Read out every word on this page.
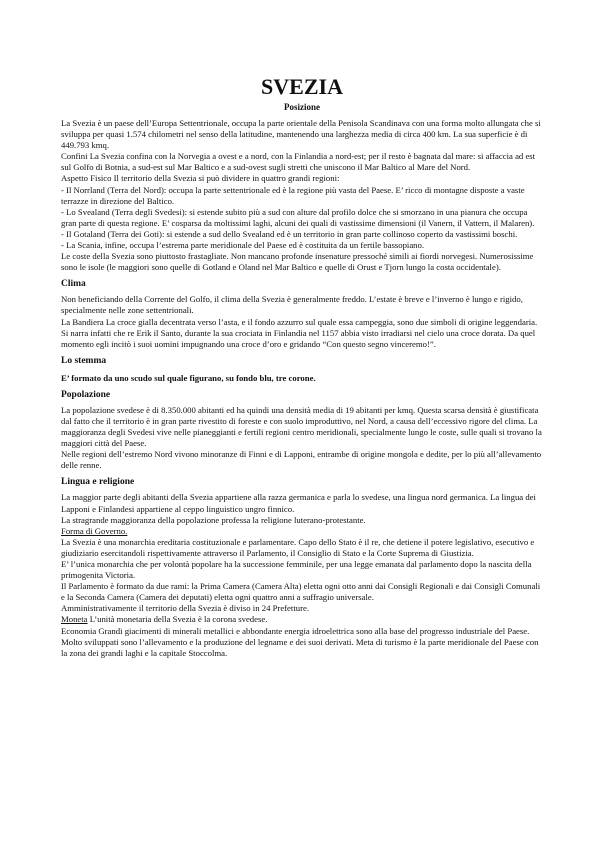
SVEZIA
Posizione

La Svezia è un paese dell’Europa Settentrionale, occupa la parte orientale della Penisola Scandinava con una forma molto allungata che si sviluppa per quasi 1.574 chilometri nel senso della latitudine, mantenendo una larghezza media di circa 400 km. La sua superficie è di 449.793 kmq.

Confini La Svezia confina con la Norvegia a ovest e a nord, con la Finlandia a nord-est; per il resto è bagnata dal mare: si affaccia ad est sul Golfo di Botnia, a sud-est sul Mar Baltico e a sud-ovest sugli stretti che uniscono il Mar Baltico al Mare del Nord.

Aspetto Fisico Il territorio della Svezia si può dividere in quattro grandi regioni:

- Il Norrland (Terra del Nord): occupa la parte settentrionale ed è la regione più vasta del Paese. E’ ricco di montagne disposte a vaste terrazze in direzione del Baltico.

- Lo Svealand (Terra degli Svedesi): si estende subito più a sud con alture dal profilo dolce che si smorzano in una pianura che occupa gran parte di questa regione. E’ cosparsa da moltissimi laghi, alcuni dei quali di vastissime dimensioni (il Vanern, il Vattern, il Malaren).

- Il Gotaland (Terra dei Goti): si estende a sud dello Svealand ed è un territorio in gran parte collinoso coperto da vastissimi boschi.

- La Scania, infine, occupa l’estrema parte meridionale del Paese ed è costituita da un fertile bassopiano.

Le coste della Svezia sono piuttosto frastagliate. Non mancano profonde insenature pressoché simili ai fiordi norvegesi. Numerosissime sono le isole (le maggiori sono quelle di Gotland e Oland nel Mar Baltico e quelle di Orust e Tjorn lungo la costa occidentale).

Clima

Non beneficiando della Corrente del Golfo, il clima della Svezia è generalmente freddo. L’estate è breve e l’inverno è lungo e rigido, specialmente nelle zone settentrionali.

La Bandiera La croce gialla decentrata verso l’asta, e il fondo azzurro sul quale essa campeggia, sono due simboli di origine leggendaria. Si narra infatti che re Erik il Santo, durante la sua crociata in Finlandia nel 1157 abbia visto irradiarsi nel cielo una croce dorata. Da quel momento egli incitò i suoi uomini impugnando una croce d’oro e gridando “Con questo segno vinceremo!”.

Lo stemma

E’ formato da uno scudo sul quale figurano, su fondo blu, tre corone.

Popolazione

La popolazione svedese è di 8.350.000 abitanti ed ha quindi una densità media di 19 abitanti per kmq. Questa scarsa densità è giustificata dal fatto che il territorio è in gran parte rivestito di foreste e con suolo improduttivo, nel Nord, a causa dell’eccessivo rigore del clima. La maggioranza degli Svedesi vive nelle pianeggianti e fertili regioni centro meridionali, specialmente lungo le coste, sulle quali si trovano la maggiori città del Paese.

Nelle regioni dell’estremo Nord vivono minoranze di Finni e di Lapponi, entrambe di origine mongola e dedite, per lo più all’allevamento delle renne.

Lingua e religione

La maggior parte degli abitanti della Svezia appartiene alla razza germanica e parla lo svedese, una lingua nord germanica. La lingua dei Lapponi e Finlandesi appartiene al ceppo linguistico ungro finnico.

La stragrande maggioranza della popolazione professa la religione luterano-protestante.

Forma di Governo.

La Svezia è una monarchia ereditaria costituzionale e parlamentare. Capo dello Stato è il re, che detiene il potere legislativo, esecutivo e giudiziario esercitandoli rispettivamente attraverso il Parlamento, il Consiglio di Stato e la Corte Suprema di Giustizia.

E’ l’unica monarchia che per volontà popolare ha la successione femminile, per una legge emanata dal parlamento dopo la nascita della primogenita Victoria.

Il Parlamento è formato da due rami: la Prima Camera (Camera Alta) eletta ogni otto anni dai Consigli Regionali e dai Consigli Comunali e la Seconda Camera (Camera dei deputati) eletta ogni quattro anni a suffragio universale.

Amministrativamente il territorio della Svezia è diviso in 24 Prefetture.

Moneta L’unità monetaria della Svezia è la corona svedese.

Economia Grandi giacimenti di minerali metallici e abbondante energia idroelettrica sono alla base del progresso industriale del Paese. Molto sviluppati sono l’allevamento e la produzione del legname e dei suoi derivati. Meta di turismo è la parte meridionale del Paese con la zona dei grandi laghi e la capitale Stoccolma.
